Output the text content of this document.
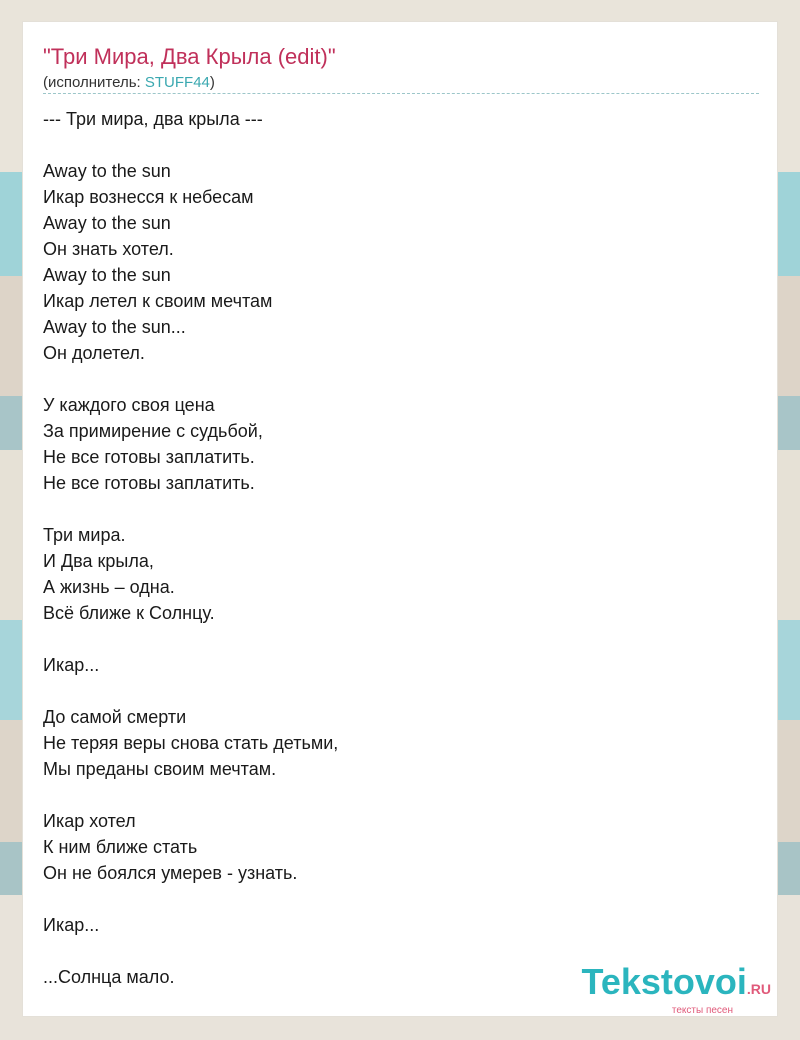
"Три Мира, Два Крыла (edit)"
(исполнитель: STUFF44)
--- Три мира, два крыла ---
Away to the sun
Икар вознесся к небесам
Away to the sun
Он знать хотел.
Away to the sun
Икар летел к своим мечтам
Away to the sun...
Он долетел.
У каждого своя цена
За примирение с судьбой,
Не все готовы заплатить.
Не все готовы заплатить.
Три мира.
И Два крыла,
А жизнь – одна.
Всё ближе к Солнцу.
Икар...
До самой смерти
Не теряя веры снова стать детьми,
Мы преданы своим мечтам.
Икар хотел
К ним ближе стать
Он не боялся умерев - узнать.
Икар...
...Солнца мало.	Tekstovoi.RU
тексты песен
